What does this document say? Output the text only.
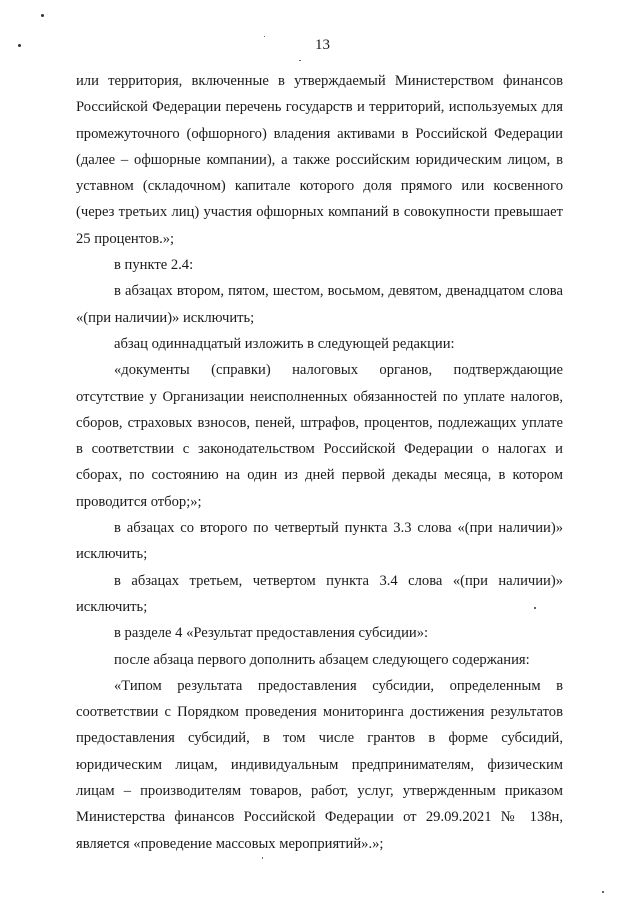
13

или территория, включенные в утверждаемый Министерством финансов Российской Федерации перечень государств и территорий, используемых для промежуточного (офшорного) владения активами в Российской Федерации (далее – офшорные компании), а также российским юридическим лицом, в уставном (складочном) капитале которого доля прямого или косвенного (через третьих лиц) участия офшорных компаний в совокупности превышает 25 процентов.»;

в пункте 2.4:

в абзацах втором, пятом, шестом, восьмом, девятом, двенадцатом слова «(при наличии)» исключить;

абзац одиннадцатый изложить в следующей редакции:

«документы (справки) налоговых органов, подтверждающие отсутствие у Организации неисполненных обязанностей по уплате налогов, сборов, страховых взносов, пеней, штрафов, процентов, подлежащих уплате в соответствии с законодательством Российской Федерации о налогах и сборах, по состоянию на один из дней первой декады месяца, в котором проводится отбор;»;

в абзацах со второго по четвертый пункта 3.3 слова «(при наличии)» исключить;

в абзацах третьем, четвертом пункта 3.4 слова «(при наличии)» исключить;

в разделе 4 «Результат предоставления субсидии»:

после абзаца первого дополнить абзацем следующего содержания:

«Типом результата предоставления субсидии, определенным в соответствии с Порядком проведения мониторинга достижения результатов предоставления субсидий, в том числе грантов в форме субсидий, юридическим лицам, индивидуальным предпринимателям, физическим лицам – производителям товаров, работ, услуг, утвержденным приказом Министерства финансов Российской Федерации от 29.09.2021 № 138н, является «проведение массовых мероприятий».»;
